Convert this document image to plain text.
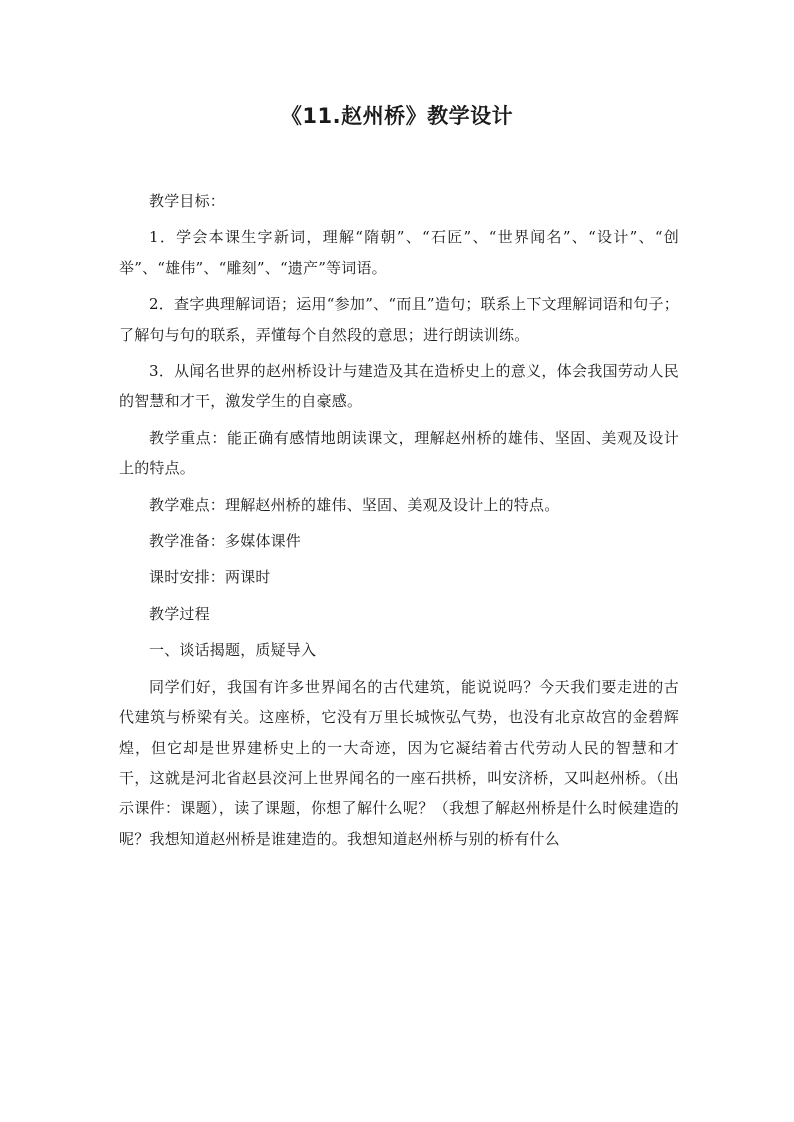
《11.赵州桥》教学设计

教学目标：

1．学会本课生字新词，理解“隋朝”、“石匠”、“世界闻名”、“设计”、“创举”、“雄伟”、“雕刻”、“遗产”等词语。

2．查字典理解词语；运用“参加”、“而且”造句；联系上下文理解词语和句子；了解句与句的联系，弄懂每个自然段的意思；进行朗读训练。

3．从闻名世界的赵州桥设计与建造及其在造桥史上的意义，体会我国劳动人民的智慧和才干，激发学生的自豪感。

教学重点：能正确有感情地朗读课文，理解赵州桥的雄伟、坚固、美观及设计上的特点。

教学难点：理解赵州桥的雄伟、坚固、美观及设计上的特点。

教学准备：多媒体课件

课时安排：两课时

教学过程

一、谈话揭题，质疑导入

同学们好，我国有许多世界闻名的古代建筑，能说说吗？今天我们要走进的古代建筑与桥梁有关。这座桥，它没有万里长城恢弘气势，也没有北京故宫的金碧辉煌，但它却是世界建桥史上的一大奇迹，因为它凝结着古代劳动人民的智慧和才干，这就是河北省赵县洨河上世界闻名的一座石拱桥，叫安济桥，又叫赵州桥。（出示课件：课题），读了课题，你想了解什么呢？（我想了解赵州桥是什么时候建造的呢？我想知道赵州桥是谁建造的。我想知道赵州桥与别的桥有什么
